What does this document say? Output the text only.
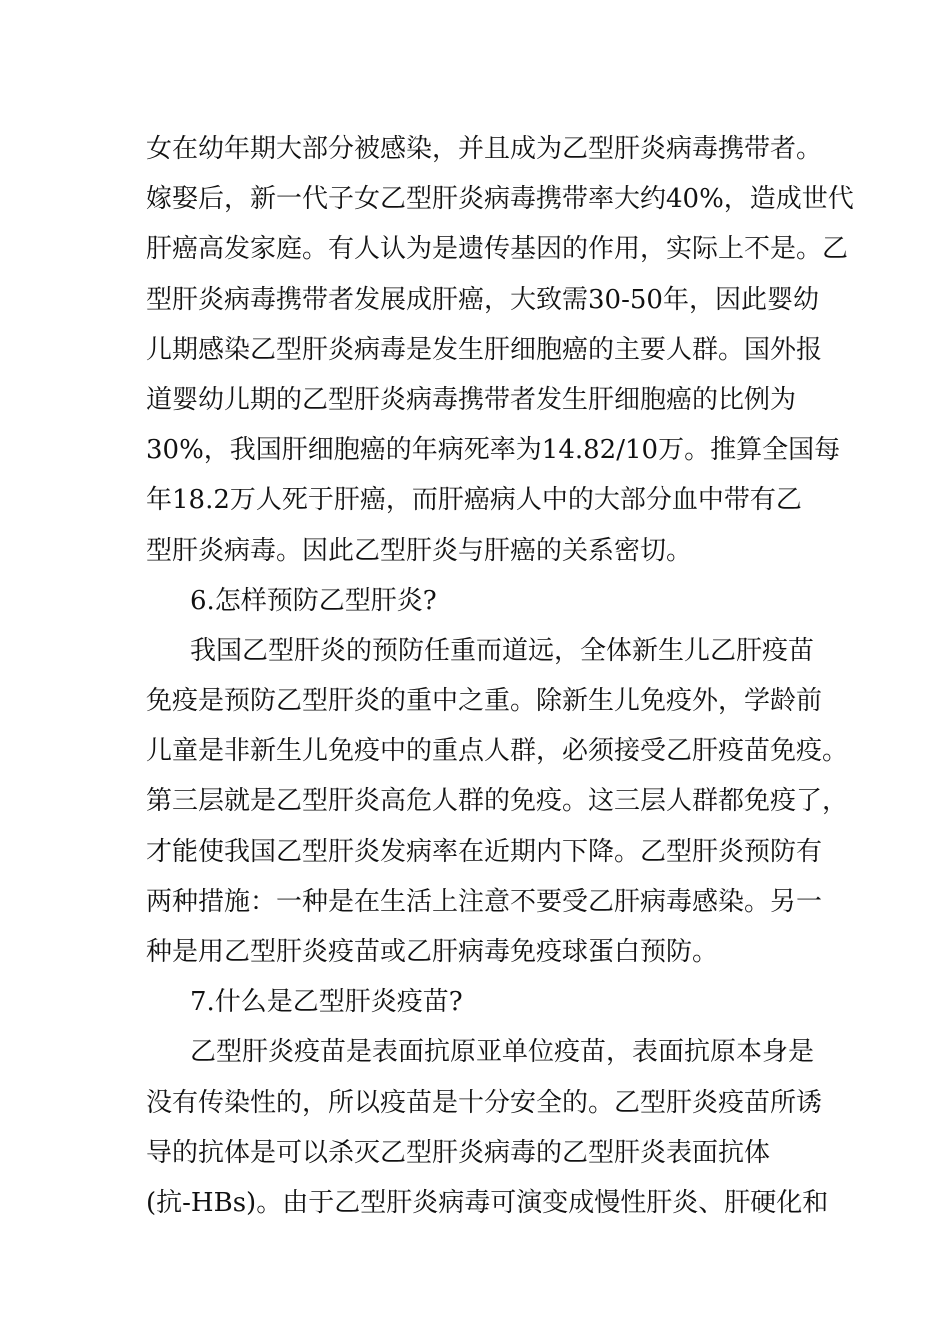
女在幼年期大部分被感染，并且成为乙型肝炎病毒携带者。
嫁娶后，新一代子女乙型肝炎病毒携带率大约40%，造成世代
肝癌高发家庭。有人认为是遗传基因的作用，实际上不是。乙
型肝炎病毒携带者发展成肝癌，大致需30-50年，因此婴幼
儿期感染乙型肝炎病毒是发生肝细胞癌的主要人群。国外报
道婴幼儿期的乙型肝炎病毒携带者发生肝细胞癌的比例为
30%，我国肝细胞癌的年病死率为14.82/10万。推算全国每
年18.2万人死于肝癌，而肝癌病人中的大部分血中带有乙
型肝炎病毒。因此乙型肝炎与肝癌的关系密切。
6.怎样预防乙型肝炎?
我国乙型肝炎的预防任重而道远，全体新生儿乙肝疫苗
免疫是预防乙型肝炎的重中之重。除新生儿免疫外，学龄前
儿童是非新生儿免疫中的重点人群，必须接受乙肝疫苗免疫。
第三层就是乙型肝炎高危人群的免疫。这三层人群都免疫了，
才能使我国乙型肝炎发病率在近期内下降。乙型肝炎预防有
两种措施：一种是在生活上注意不要受乙肝病毒感染。另一
种是用乙型肝炎疫苗或乙肝病毒免疫球蛋白预防。
7.什么是乙型肝炎疫苗?
乙型肝炎疫苗是表面抗原亚单位疫苗，表面抗原本身是
没有传染性的，所以疫苗是十分安全的。乙型肝炎疫苗所诱
导的抗体是可以杀灭乙型肝炎病毒的乙型肝炎表面抗体
(抗-HBs)。由于乙型肝炎病毒可演变成慢性肝炎、肝硬化和
